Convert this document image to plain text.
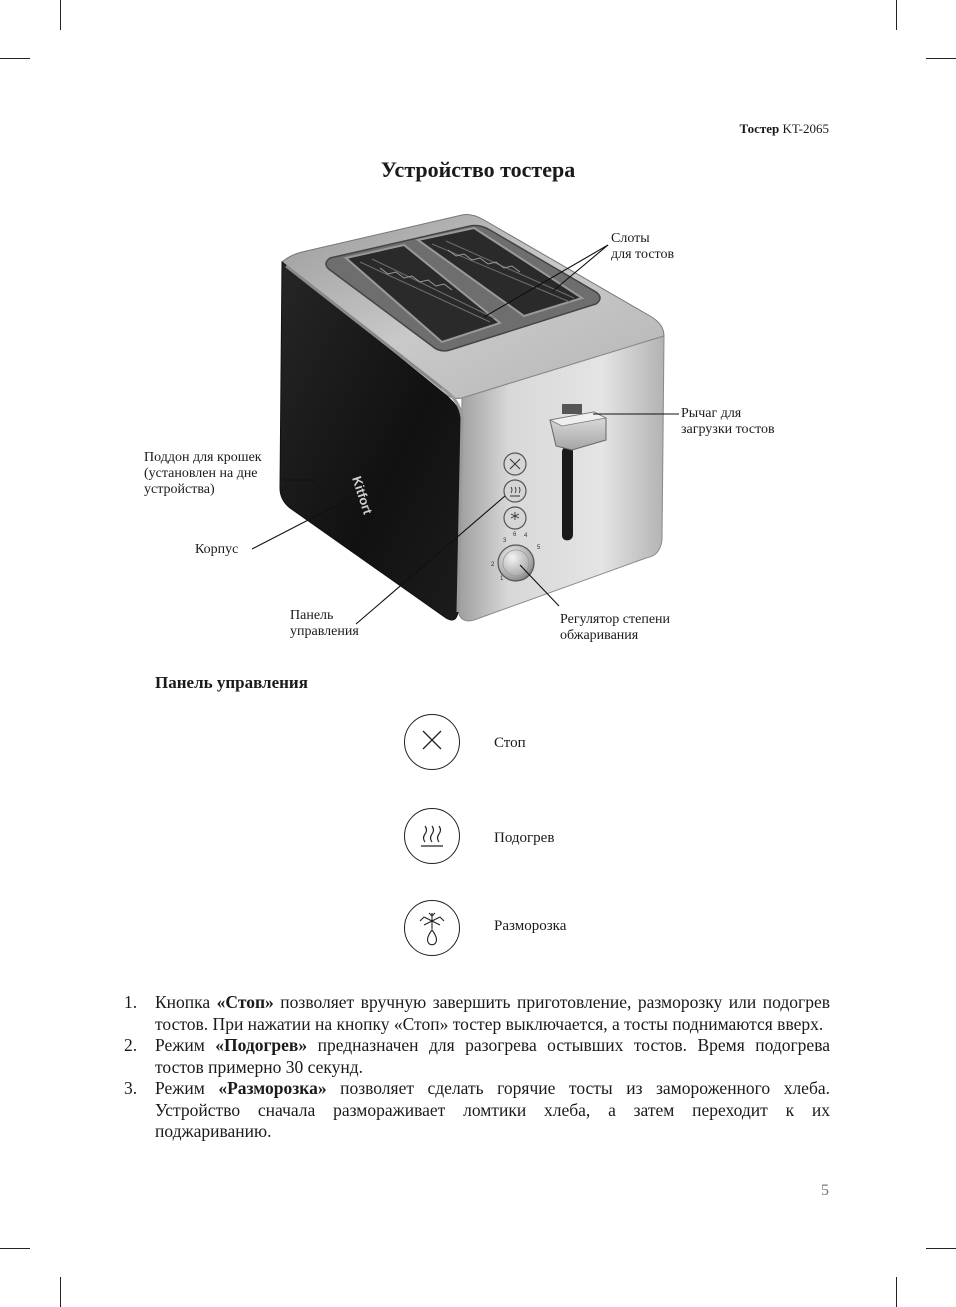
Тостер KT-2065
Устройство тостера
Kitfort
1
2
3
4
5
6
Слоты
для тостов
Рычаг для
загрузки тостов
Поддон для крошек
(установлен на дне
устройства)
Корпус
Панель
управления
Регулятор степени
обжаривания
Панель управления
Стоп
Подогрев
Разморозка
1. Кнопка «Стоп» позволяет вручную завершить приготовление, разморозку или подогрев тостов. При нажатии на кнопку «Стоп» тостер выключается, а тосты поднимаются вверх.
2. Режим «Подогрев» предназначен для разогрева остывших тостов. Время подогрева тостов примерно 30 секунд.
3. Режим «Разморозка» позволяет сделать горячие тосты из замороженного хлеба. Устройство сначала размораживает ломтики хлеба, а затем переходит к их поджариванию.
5
